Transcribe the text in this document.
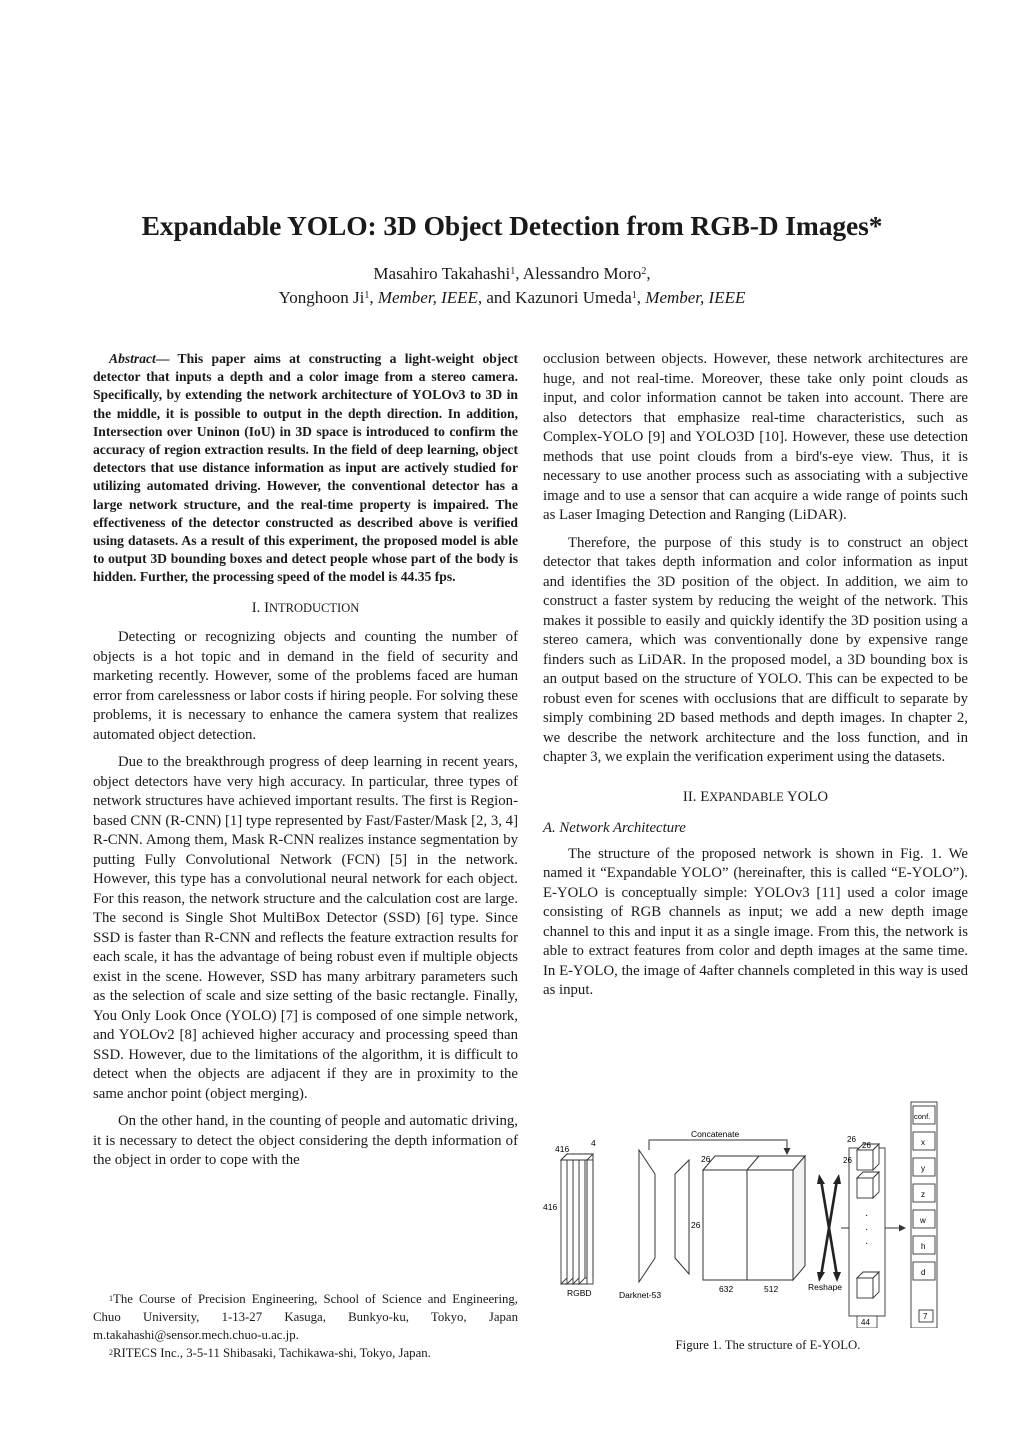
Expandable YOLO: 3D Object Detection from RGB-D Images*
Masahiro Takahashi$^1$, Alessandro Moro$^2$,
Yonghoon Ji$^1$, Member, IEEE, and Kazunori Umeda$^1$, Member, IEEE

Abstract— This paper aims at constructing a light-weight object detector that inputs a depth and a color image from a stereo camera. Specifically, by extending the network architecture of YOLOv3 to 3D in the middle, it is possible to output in the depth direction. In addition, Intersection over Uninon (IoU) in 3D space is introduced to confirm the accuracy of region extraction results. In the field of deep learning, object detectors that use distance information as input are actively studied for utilizing automated driving. However, the conventional detector has a large network structure, and the real-time property is impaired. The effectiveness of the detector constructed as described above is verified using datasets. As a result of this experiment, the proposed model is able to output 3D bounding boxes and detect people whose part of the body is hidden. Further, the processing speed of the model is 44.35 fps.

I. INTRODUCTION

Detecting or recognizing objects and counting the number of objects is a hot topic and in demand in the field of security and marketing recently. However, some of the problems faced are human error from carelessness or labor costs if hiring people. For solving these problems, it is necessary to enhance the camera system that realizes automated object detection.

Due to the breakthrough progress of deep learning in recent years, object detectors have very high accuracy. In particular, three types of network structures have achieved important results. The first is Region-based CNN (R-CNN) [1] type represented by Fast/Faster/Mask [2, 3, 4] R-CNN. Among them, Mask R-CNN realizes instance segmentation by putting Fully Convolutional Network (FCN) [5] in the network. However, this type has a convolutional neural network for each object. For this reason, the network structure and the calculation cost are large. The second is Single Shot MultiBox Detector (SSD) [6] type. Since SSD is faster than R-CNN and reflects the feature extraction results for each scale, it has the advantage of being robust even if multiple objects exist in the scene. However, SSD has many arbitrary parameters such as the selection of scale and size setting of the basic rectangle. Finally, You Only Look Once (YOLO) [7] is composed of one simple network, and YOLOv2 [8] achieved higher accuracy and processing speed than SSD. However, due to the limitations of the algorithm, it is difficult to detect when the objects are adjacent if they are in proximity to the same anchor point (object merging).

On the other hand, in the counting of people and automatic driving, it is necessary to detect the object considering the depth information of the object in order to cope with the

$^1$The Course of Precision Engineering, School of Science and Engineering, Chuo University, 1-13-27 Kasuga, Bunkyo-ku, Tokyo, Japan m.takahashi@sensor.mech.chuo-u.ac.jp.

$^2$RITECS Inc., 3-5-11 Shibasaki, Tachikawa-shi, Tokyo, Japan.

occlusion between objects. However, these network architectures are huge, and not real-time. Moreover, these take only point clouds as input, and color information cannot be taken into account. There are also detectors that emphasize real-time characteristics, such as Complex-YOLO [9] and YOLO3D [10]. However, these use detection methods that use point clouds from a bird's-eye view. Thus, it is necessary to use another process such as associating with a subjective image and to use a sensor that can acquire a wide range of points such as Laser Imaging Detection and Ranging (LiDAR).

Therefore, the purpose of this study is to construct an object detector that takes depth information and color information as input and identifies the 3D position of the object. In addition, we aim to construct a faster system by reducing the weight of the network. This makes it possible to easily and quickly identify the 3D position using a stereo camera, which was conventionally done by expensive range finders such as LiDAR. In the proposed model, a 3D bounding box is an output based on the structure of YOLO. This can be expected to be robust even for scenes with occlusions that are difficult to separate by simply combining 2D based methods and depth images. In chapter 2, we describe the network architecture and the loss function, and in chapter 3, we explain the verification experiment using the datasets.

II. EXPANDABLE YOLO

A. Network Architecture

The structure of the proposed network is shown in Fig. 1. We named it “Expandable YOLO” (hereinafter, this is called “E-YOLO”). E-YOLO is conceptually simple: YOLOv3 [11] used a color image consisting of RGB channels as input; we add a new depth image channel to this and input it as a single image. From this, the network is able to extract features from color and depth images at the same time. In E-YOLO, the image of 4after channels completed in this way is used as input.

416
4
416
RGBD	Darknet-53
26
Concatenate
26
632	512	Reshape
26
26
26
·
·
·
44
conf.
x
y
z
w
h
d
7
Figure 1. The structure of E-YOLO.
